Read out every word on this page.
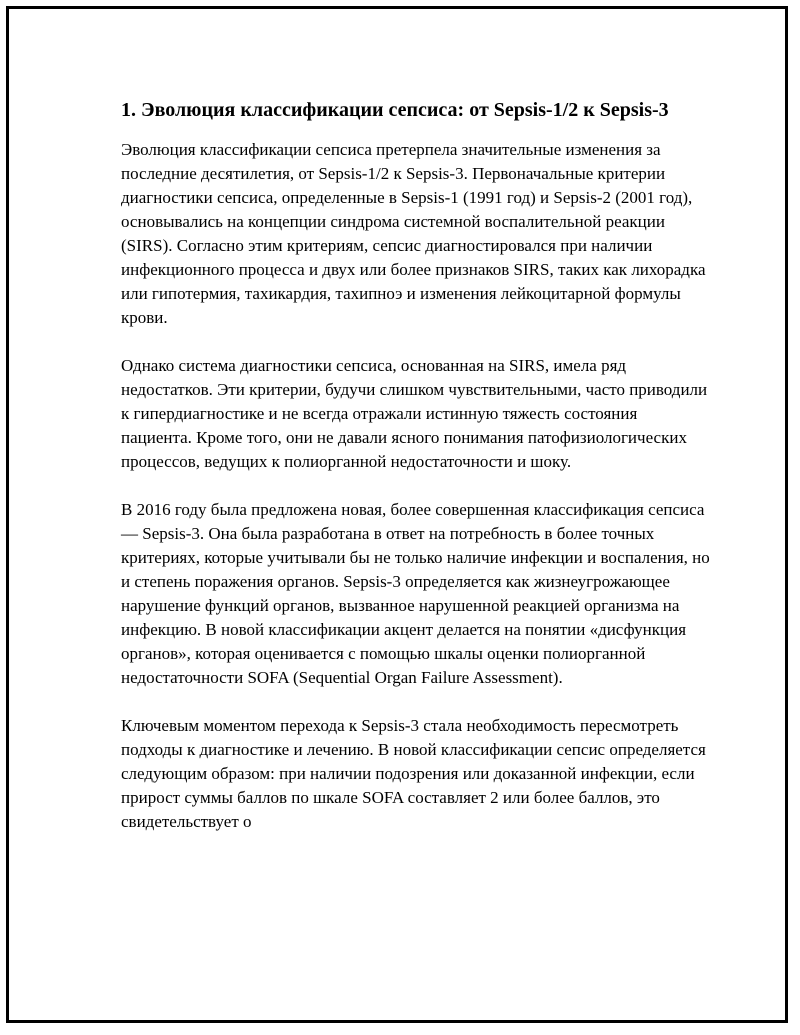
1. Эволюция классификации сепсиса: от Sepsis-1/2 к Sepsis-3

Эволюция классификации сепсиса претерпела значительные изменения за последние десятилетия, от Sepsis-1/2 к Sepsis-3. Первоначальные критерии диагностики сепсиса, определенные в Sepsis-1 (1991 год) и Sepsis-2 (2001 год), основывались на концепции синдрома системной воспалительной реакции (SIRS). Согласно этим критериям, сепсис диагностировался при наличии инфекционного процесса и двух или более признаков SIRS, таких как лихорадка или гипотермия, тахикардия, тахипноэ и изменения лейкоцитарной формулы крови.

Однако система диагностики сепсиса, основанная на SIRS, имела ряд недостатков. Эти критерии, будучи слишком чувствительными, часто приводили к гипердиагностике и не всегда отражали истинную тяжесть состояния пациента. Кроме того, они не давали ясного понимания патофизиологических процессов, ведущих к полиорганной недостаточности и шоку.

В 2016 году была предложена новая, более совершенная классификация сепсиса — Sepsis-3. Она была разработана в ответ на потребность в более точных критериях, которые учитывали бы не только наличие инфекции и воспаления, но и степень поражения органов. Sepsis-3 определяется как жизнеугрожающее нарушение функций органов, вызванное нарушенной реакцией организма на инфекцию. В новой классификации акцент делается на понятии «дисфункция органов», которая оценивается с помощью шкалы оценки полиорганной недостаточности SOFA (Sequential Organ Failure Assessment).

Ключевым моментом перехода к Sepsis-3 стала необходимость пересмотреть подходы к диагностике и лечению. В новой классификации сепсис определяется следующим образом: при наличии подозрения или доказанной инфекции, если прирост суммы баллов по шкале SOFA составляет 2 или более баллов, это свидетельствует о
